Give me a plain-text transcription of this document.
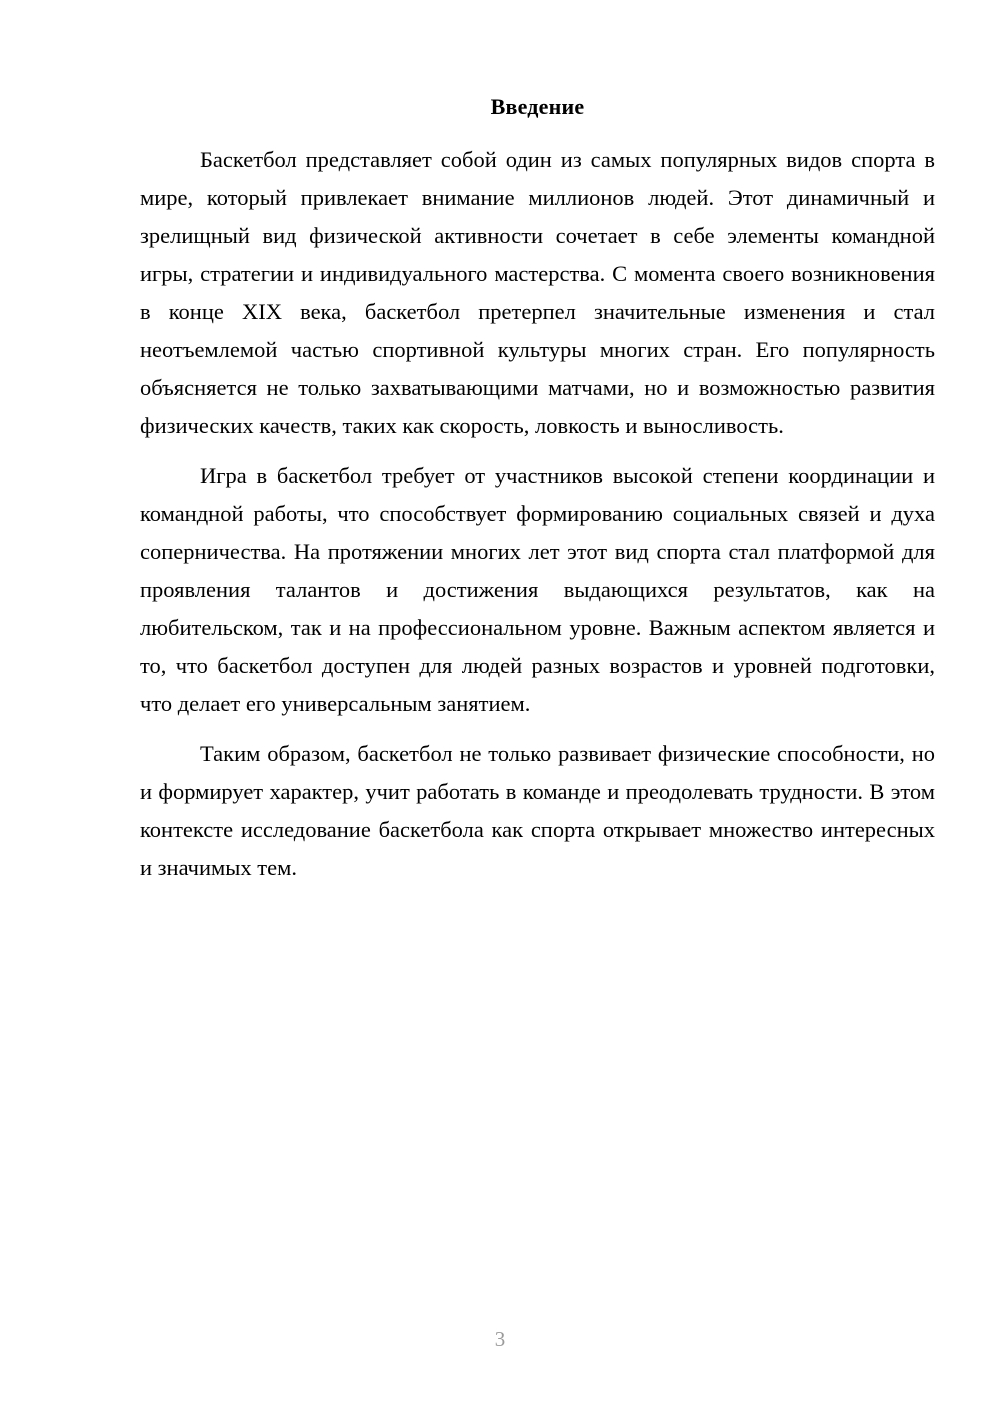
Введение

Баскетбол представляет собой один из самых популярных видов спорта в мире, который привлекает внимание миллионов людей. Этот динамичный и зрелищный вид физической активности сочетает в себе элементы командной игры, стратегии и индивидуального мастерства. С момента своего возникновения в конце XIX века, баскетбол претерпел значительные изменения и стал неотъемлемой частью спортивной культуры многих стран. Его популярность объясняется не только захватывающими матчами, но и возможностью развития физических качеств, таких как скорость, ловкость и выносливость.

Игра в баскетбол требует от участников высокой степени координации и командной работы, что способствует формированию социальных связей и духа соперничества. На протяжении многих лет этот вид спорта стал платформой для проявления талантов и достижения выдающихся результатов, как на любительском, так и на профессиональном уровне. Важным аспектом является и то, что баскетбол доступен для людей разных возрастов и уровней подготовки, что делает его универсальным занятием.

Таким образом, баскетбол не только развивает физические способности, но и формирует характер, учит работать в команде и преодолевать трудности. В этом контексте исследование баскетбола как спорта открывает множество интересных и значимых тем.

3
